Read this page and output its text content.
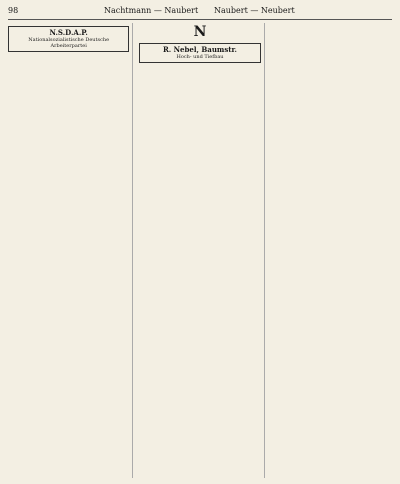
98	Nachtmann — Naubert Naubert — Neubert
N.S.D.A.P.
Nationalsozialistische Deutsche Arbeiterpartei
N
R. Nebel, Baumstr.
Hoch- und Tiefbau
